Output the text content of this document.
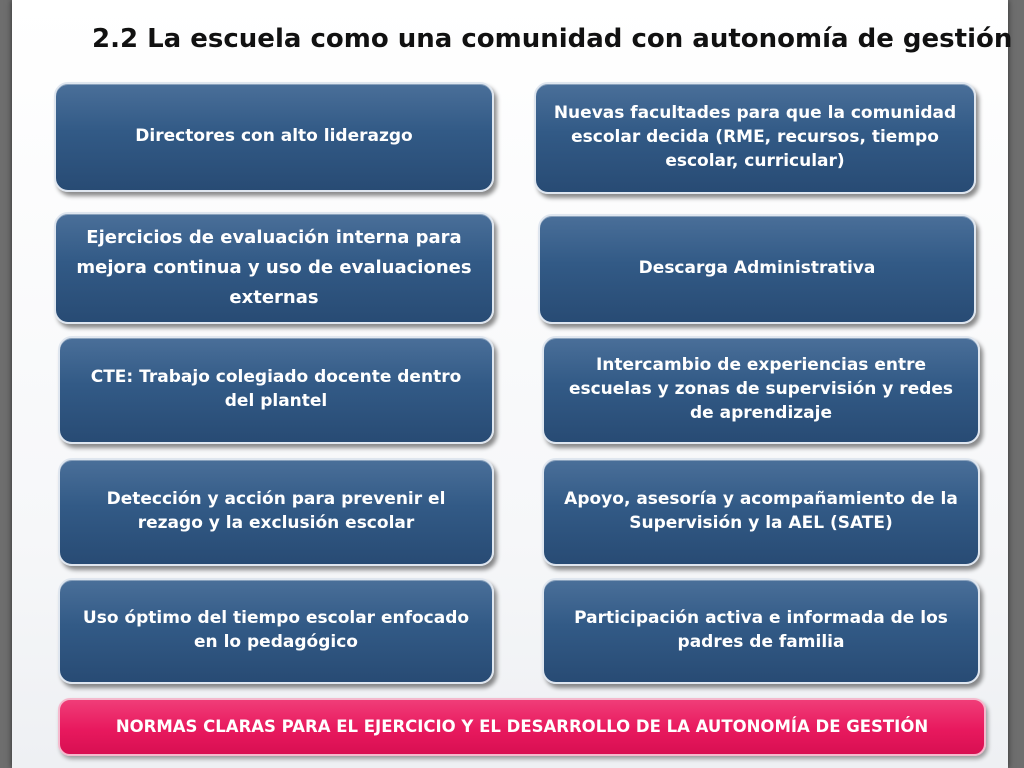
2.2 La escuela como una comunidad con autonomía de gestión
Directores con alto liderazgo
Ejercicios de evaluación interna para mejora continua y uso de evaluaciones externas
CTE: Trabajo colegiado docente dentro del plantel
Detección y acción para prevenir el rezago y la exclusión escolar
Uso óptimo del tiempo escolar enfocado en lo pedagógico
Nuevas facultades para que la comunidad escolar decida (RME, recursos, tiempo escolar, curricular)
Descarga Administrativa
Intercambio de experiencias entre escuelas y zonas de supervisión y redes de aprendizaje
Apoyo, asesoría y acompañamiento de la Supervisión y la AEL (SATE)
Participación activa e informada de los padres de familia
NORMAS CLARAS PARA EL EJERCICIO Y EL DESARROLLO DE LA AUTONOMÍA DE GESTIÓN
